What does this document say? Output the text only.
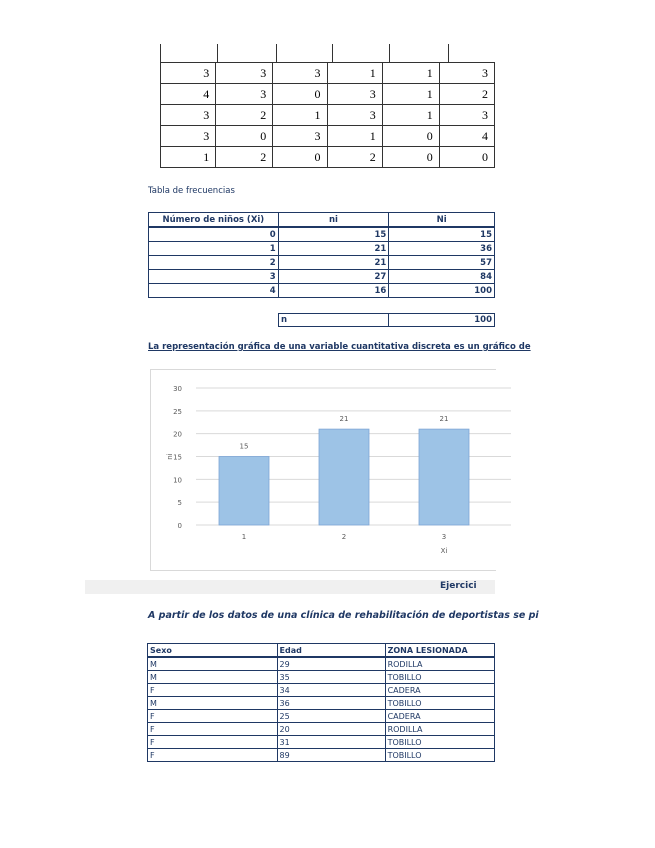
3	3	3	1	1	3
4	3	0	3	1	2
3	2	1	3	1	3
3	0	3	1	0	4
1	2	0	2	0	0
Tabla de frecuencias
Número de niños (Xi)	ni	Ni
0	15	15
1	21	36
2	21	57
3	27	84
4	16	100
n	100
La representación gráfica de una variable cuantitativa discreta es un gráfico de
0
5
10
15
20
25
30
ni
15
1
21
2
21
3
Xi
Ejercici
A partir de los datos de una clínica de rehabilitación de deportistas se pi
Sexo	Edad	ZONA LESIONADA
M	29	RODILLA
M	35	TOBILLO
F	34	CADERA
M	36	TOBILLO
F	25	CADERA
F	20	RODILLA
F	31	TOBILLO
F	89	TOBILLO
